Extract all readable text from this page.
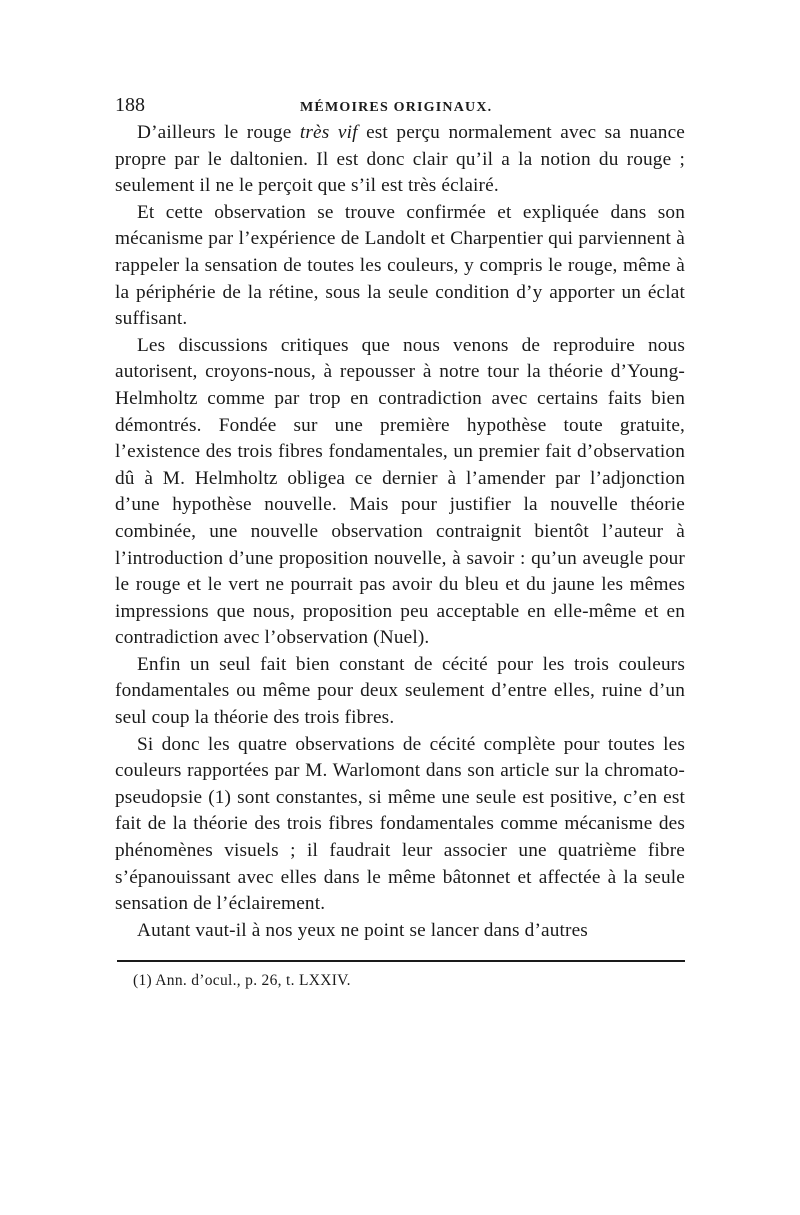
188	MÉMOIRES ORIGINAUX.

D’ailleurs le rouge très vif est perçu normalement avec sa nuance propre par le daltonien. Il est donc clair qu’il a la notion du rouge ; seulement il ne le perçoit que s’il est très éclairé.

Et cette observation se trouve confirmée et expliquée dans son mécanisme par l’expérience de Landolt et Charpentier qui parviennent à rappeler la sensation de toutes les couleurs, y compris le rouge, même à la périphérie de la rétine, sous la seule condition d’y apporter un éclat suffisant.

Les discussions critiques que nous venons de reproduire nous autorisent, croyons-nous, à repousser à notre tour la théorie d’Young-Helmholtz comme par trop en contradiction avec certains faits bien démontrés. Fondée sur une première hypothèse toute gratuite, l’existence des trois fibres fondamentales, un premier fait d’observation dû à M. Helmholtz obligea ce dernier à l’amender par l’adjonction d’une hypothèse nouvelle. Mais pour justifier la nouvelle théorie combinée, une nouvelle observation contraignit bientôt l’auteur à l’introduction d’une proposition nouvelle, à savoir : qu’un aveugle pour le rouge et le vert ne pourrait pas avoir du bleu et du jaune les mêmes impressions que nous, proposition peu acceptable en elle-même et en contradiction avec l’observation (Nuel).

Enfin un seul fait bien constant de cécité pour les trois couleurs fondamentales ou même pour deux seulement d’entre elles, ruine d’un seul coup la théorie des trois fibres.

Si donc les quatre observations de cécité complète pour toutes les couleurs rapportées par M. Warlomont dans son article sur la chromato-pseudopsie (1) sont constantes, si même une seule est positive, c’en est fait de la théorie des trois fibres fondamentales comme mécanisme des phénomènes visuels ; il faudrait leur associer une quatrième fibre s’épanouissant avec elles dans le même bâtonnet et affectée à la seule sensation de l’éclairement.

Autant vaut-il à nos yeux ne point se lancer dans d’autres

(1) Ann. d’ocul., p. 26, t. LXXIV.
